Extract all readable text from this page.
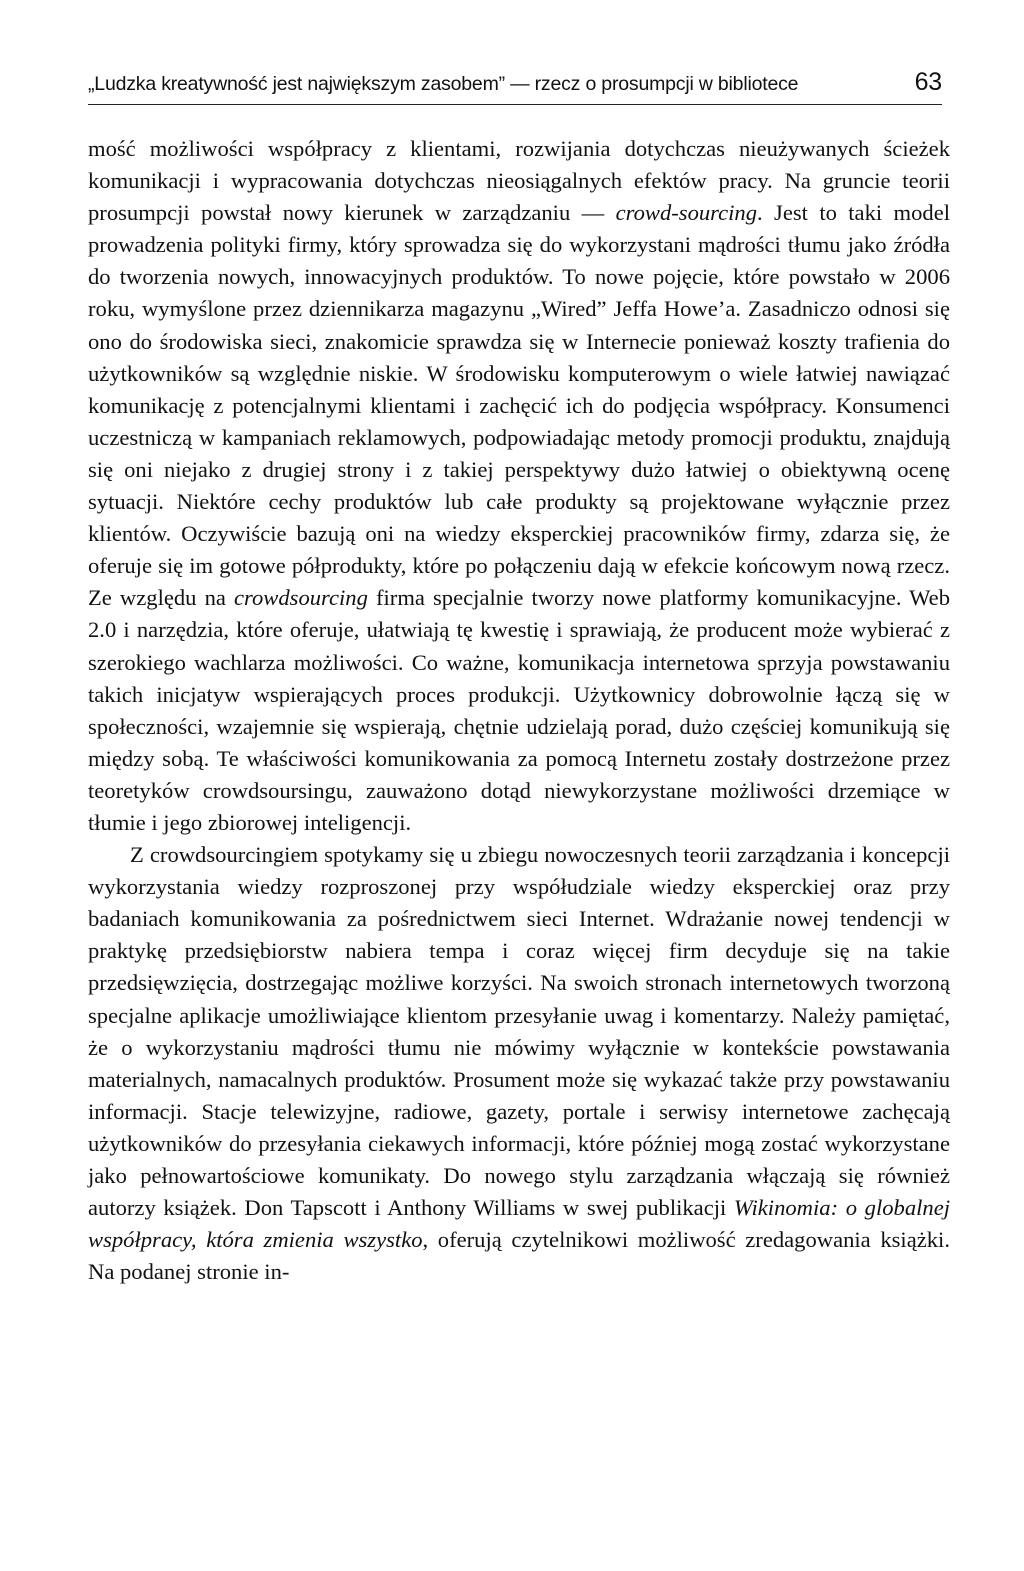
„Ludzka kreatywność jest największym zasobem” — rzecz o prosumpcji w bibliotece	63

mość możliwości współpracy z klientami, rozwijania dotychczas nieużywanych ścieżek komunikacji i wypracowania dotychczas nieosiągalnych efektów pracy. Na gruncie teorii prosumpcji powstał nowy kierunek w zarządzaniu — crowd-sourcing. Jest to taki model prowadzenia polityki firmy, który sprowadza się do wykorzystani mądrości tłumu jako źródła do tworzenia nowych, innowacyjnych produktów. To nowe pojęcie, które powstało w 2006 roku, wymyślone przez dziennikarza magazynu „Wired” Jeffa Howe’a. Zasadniczo odnosi się ono do środowiska sieci, znakomicie sprawdza się w Internecie ponieważ koszty trafienia do użytkowników są względnie niskie. W środowisku komputerowym o wiele łatwiej nawiązać komunikację z potencjalnymi klientami i zachęcić ich do podjęcia współpracy. Konsumenci uczestniczą w kampaniach reklamowych, podpowiadając metody promocji produktu, znajdują się oni niejako z drugiej strony i z takiej perspektywy dużo łatwiej o obiektywną ocenę sytuacji. Niektóre cechy produktów lub całe produkty są projektowane wyłącznie przez klientów. Oczywiście bazują oni na wiedzy eksperckiej pracowników firmy, zdarza się, że oferuje się im gotowe półprodukty, które po połączeniu dają w efekcie końcowym nową rzecz. Ze względu na crowdsourcing firma specjalnie tworzy nowe platformy komunikacyjne. Web 2.0 i narzędzia, które oferuje, ułatwiają tę kwestię i sprawiają, że producent może wybierać z szerokiego wachlarza możliwości. Co ważne, komunikacja internetowa sprzyja powstawaniu takich inicjatyw wspierających proces produkcji. Użytkownicy dobrowolnie łączą się w społeczności, wzajemnie się wspierają, chętnie udzielają porad, dużo częściej komunikują się między sobą. Te właściwości komunikowania za pomocą Internetu zostały dostrzeżone przez teoretyków crowdsoursingu, zauważono dotąd niewykorzystane możliwości drzemiące w tłumie i jego zbiorowej inteligencji.

Z crowdsourcingiem spotykamy się u zbiegu nowoczesnych teorii zarządzania i koncepcji wykorzystania wiedzy rozproszonej przy współudziale wiedzy eksperckiej oraz przy badaniach komunikowania za pośrednictwem sieci Internet. Wdrażanie nowej tendencji w praktykę przedsiębiorstw nabiera tempa i coraz więcej firm decyduje się na takie przedsięwzięcia, dostrzegając możliwe korzyści. Na swoich stronach internetowych tworzoną specjalne aplikacje umożliwiające klientom przesyłanie uwag i komentarzy. Należy pamiętać, że o wykorzystaniu mądrości tłumu nie mówimy wyłącznie w kontekście powstawania materialnych, namacalnych produktów. Prosument może się wykazać także przy powstawaniu informacji. Stacje telewizyjne, radiowe, gazety, portale i serwisy internetowe zachęcają użytkowników do przesyłania ciekawych informacji, które później mogą zostać wykorzystane jako pełnowartościowe komunikaty. Do nowego stylu zarządzania włączają się również autorzy książek. Don Tapscott i Anthony Williams w swej publikacji Wikinomia: o globalnej współpracy, która zmienia wszystko, oferują czytelnikowi możliwość zredagowania książki. Na podanej stronie in-
